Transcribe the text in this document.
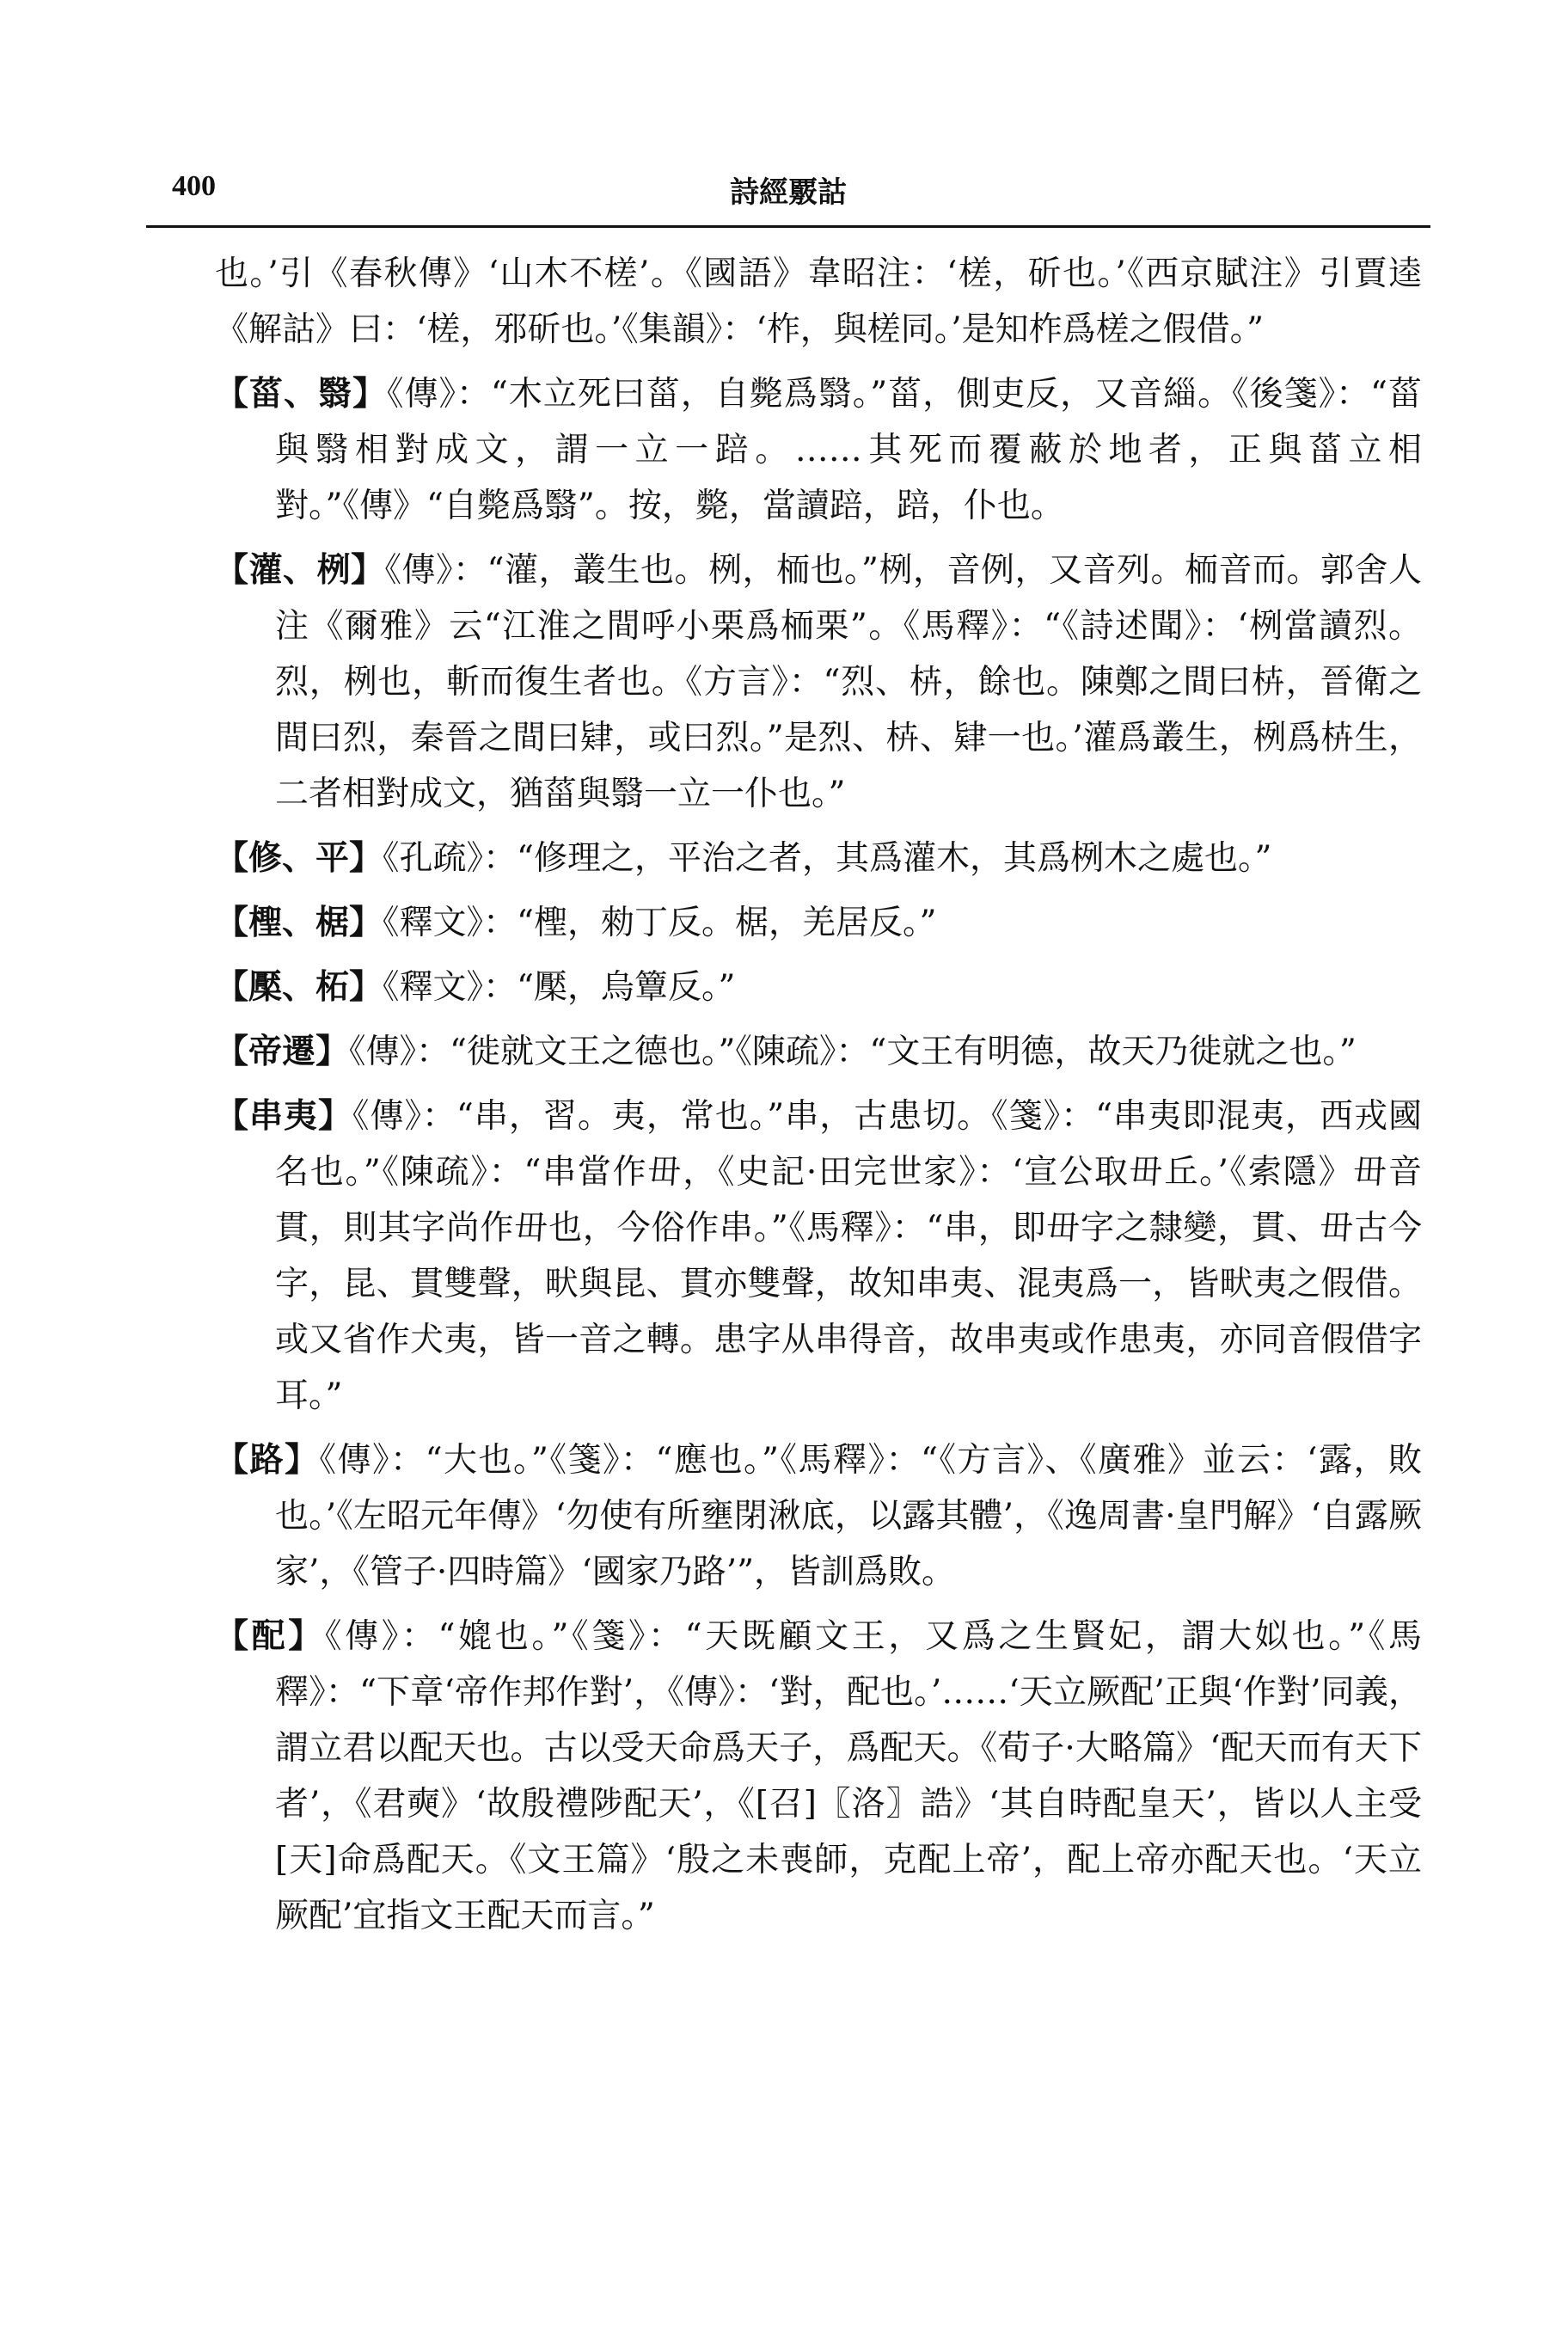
400	詩經覈詁

也。’引《春秋傳》‘山木不槎’。《國語》韋昭注：‘槎，斫也。’《西京賦注》引賈逵《解詁》曰：‘槎，邪斫也。’《集韻》：‘柞，與槎同。’是知柞爲槎之假借。”

【菑、翳】《傳》：“木立死曰菑，自斃爲翳。”菑，側吏反，又音緇。《後箋》：“菑與翳相對成文，謂一立一踣。……其死而覆蔽於地者，正與菑立相對。”《傳》“自斃爲翳”。按，斃，當讀踣，踣，仆也。

【灌、栵】《傳》：“灌，叢生也。栵，栭也。”栵，音例，又音列。栭音而。郭舍人注《爾雅》云“江淮之間呼小栗爲栭栗”。《馬釋》：“《詩述聞》：‘栵當讀烈。烈，栵也，斬而復生者也。《方言》：“烈、枿，餘也。陳鄭之間曰枿，晉衛之間曰烈，秦晉之間曰肄，或曰烈。”是烈、枿、肄一也。’灌爲叢生，栵爲枿生，二者相對成文，猶菑與翳一立一仆也。”

【修、平】《孔疏》：“修理之，平治之者，其爲灌木，其爲栵木之處也。”

【檉、椐】《釋文》：“檉，勑丁反。椐，羌居反。”

【檿、柘】《釋文》：“檿，烏簟反。”

【帝遷】《傳》：“徙就文王之德也。”《陳疏》：“文王有明德，故天乃徙就之也。”

【串夷】《傳》：“串，習。夷，常也。”串，古患切。《箋》：“串夷即混夷，西戎國名也。”《陳疏》：“串當作毌，《史記·田完世家》：‘宣公取毌丘。’《索隱》毌音貫，則其字尚作毌也，今俗作串。”《馬釋》：“串，即毌字之隸變，貫、毌古今字，昆、貫雙聲，畎與昆、貫亦雙聲，故知串夷、混夷爲一，皆畎夷之假借。或又省作犬夷，皆一音之轉。患字从串得音，故串夷或作患夷，亦同音假借字耳。”

【路】《傳》：“大也。”《箋》：“應也。”《馬釋》：“《方言》、《廣雅》並云：‘露，敗也。’《左昭元年傳》‘勿使有所壅閉湫底，以露其體’，《逸周書·皇門解》‘自露厥家’，《管子·四時篇》‘國家乃路’”，皆訓爲敗。

【配】《傳》：“媲也。”《箋》：“天既顧文王，又爲之生賢妃，謂大姒也。”《馬釋》：“下章‘帝作邦作對’，《傳》：‘對，配也。’……‘天立厥配’正與‘作對’同義，謂立君以配天也。古以受天命爲天子，爲配天。《荀子·大略篇》‘配天而有天下者’，《君奭》‘故殷禮陟配天’，《[召]〖洛〗誥》‘其自時配皇天’，皆以人主受[天]命爲配天。《文王篇》‘殷之未喪師，克配上帝’，配上帝亦配天也。‘天立厥配’宜指文王配天而言。”
